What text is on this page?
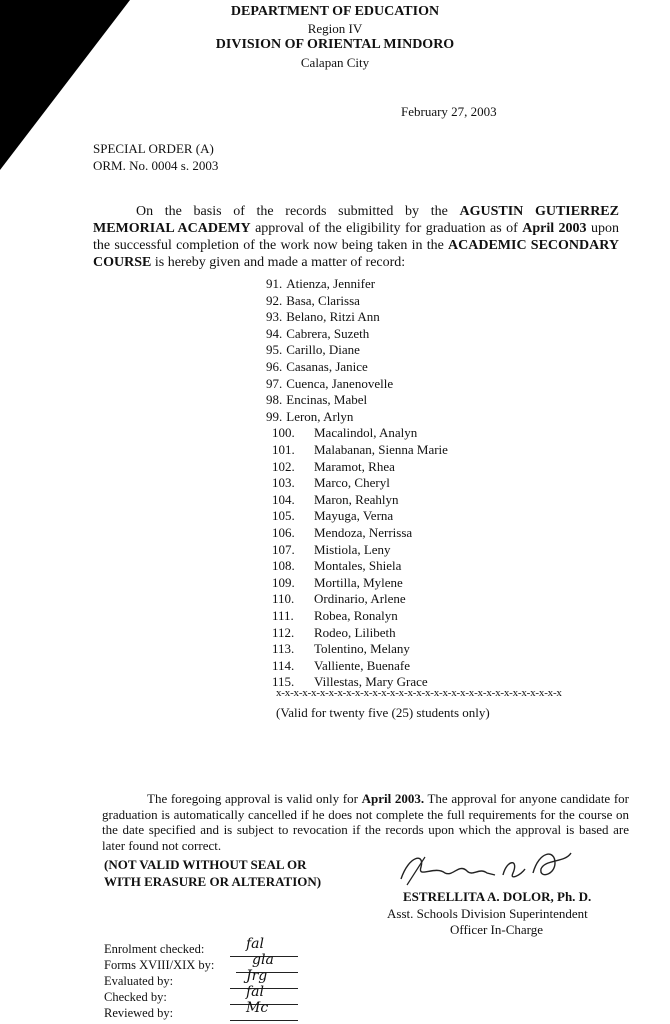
DEPARTMENT OF EDUCATION
Region IV
DIVISION OF ORIENTAL MINDORO
Calapan City
February 27, 2003
SPECIAL ORDER (A)
ORM. No. 0004 s. 2003
On the basis of the records submitted by the AGUSTIN GUTIERREZ MEMORIAL ACADEMY approval of the eligibility for graduation as of April 2003 upon the successful completion of the work now being taken in the ACADEMIC SECONDARY COURSE is hereby given and made a matter of record:
91. Atienza, Jennifer
92. Basa, Clarissa
93. Belano, Ritzi Ann
94. Cabrera, Suzeth
95. Carillo, Diane
96. Casanas, Janice
97. Cuenca, Janenovelle
98. Encinas, Mabel
99. Leron, Arlyn
100. Macalindol, Analyn
101. Malabanan, Sienna Marie
102. Maramot, Rhea
103. Marco, Cheryl
104. Maron, Reahlyn
105. Mayuga, Verna
106. Mendoza, Nerrissa
107. Mistiola, Leny
108. Montales, Shiela
109. Mortilla, Mylene
110. Ordinario, Arlene
111. Robea, Ronalyn
112. Rodeo, Lilibeth
113. Tolentino, Melany
114. Valliente, Buenafe
115. Villestas, Mary Grace
x-x-x-x-x-x-x-x-x-x-x-x-x-x-x-x-x-x-x-x-x-x-x-x-x-x-x-x-x-x-x-x-x
(Valid for twenty five (25) students only)
The foregoing approval is valid only for April 2003. The approval for anyone candidate for graduation is automatically cancelled if he does not complete the full requirements for the course on the date specified and is subject to revocation if the records upon which the approval is based are later found not correct.
(NOT VALID WITHOUT SEAL OR
WITH ERASURE OR ALTERATION)
ESTRELLITA A. DOLOR, Ph. D.
Asst. Schools Division Superintendent
Officer In-Charge
Enrolment checked:	fal
Forms XVIII/XIX by:	gla
Evaluated by:	Jrg
Checked by:	fal
Reviewed by:	Mc
